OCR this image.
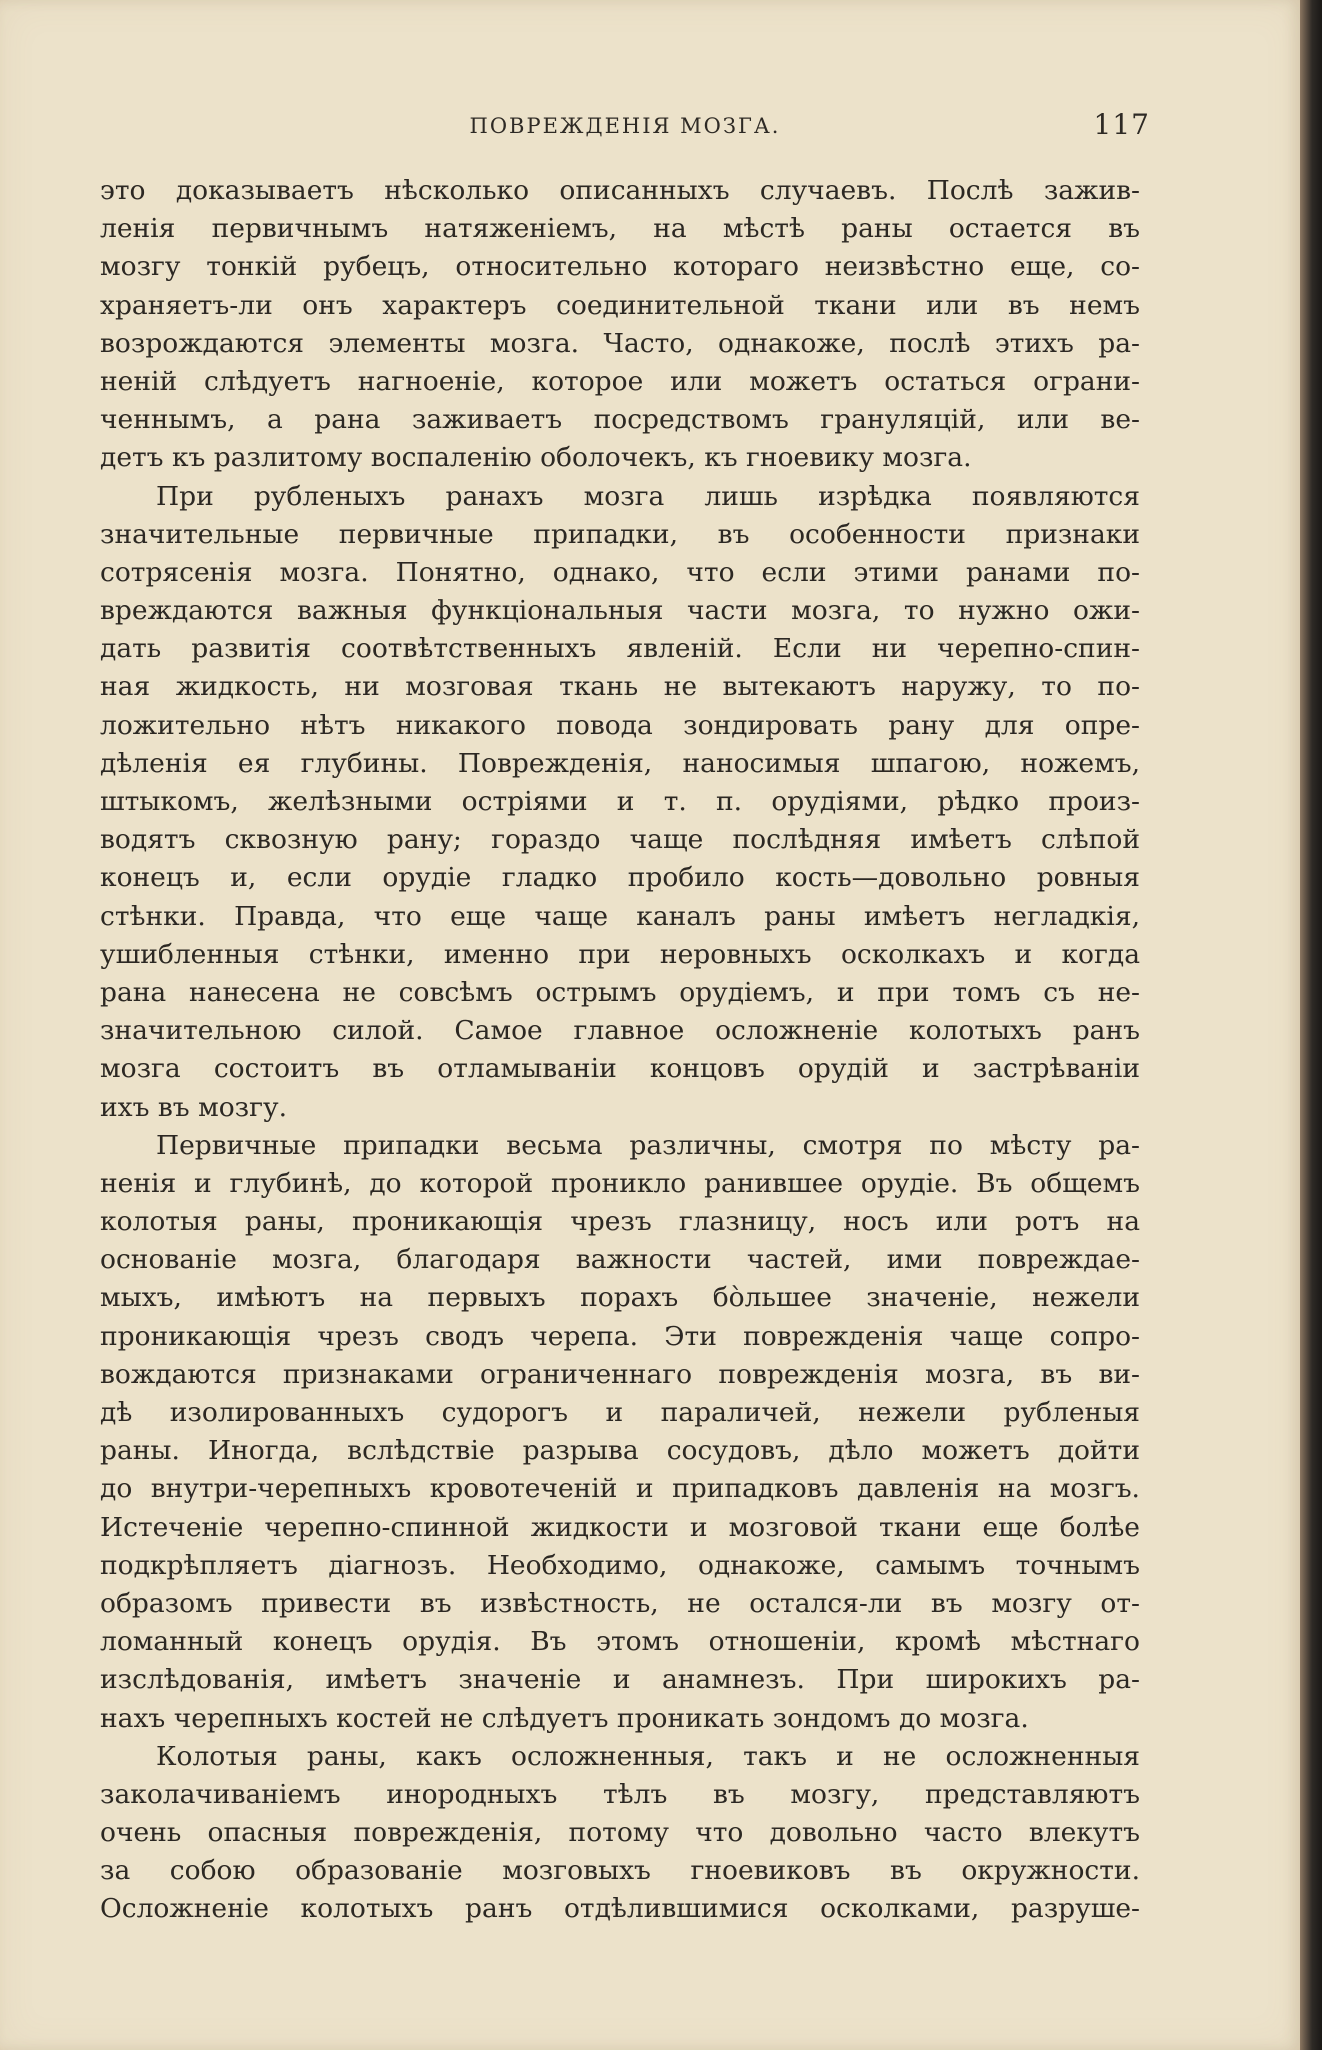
ПОВРЕЖДЕНІЯ МОЗГА.	117
это доказываетъ нѣсколько описанныхъ случаевъ. Послѣ зажив-
ленія первичнымъ натяженіемъ, на мѣстѣ раны остается въ
мозгу тонкій рубецъ, относительно котораго неизвѣстно еще, со-
храняетъ-ли онъ характеръ соединительной ткани или въ немъ
возрождаются элементы мозга. Часто, однакоже, послѣ этихъ ра-
неній слѣдуетъ нагноеніе, которое или можетъ остаться ограни-
ченнымъ, а рана заживаетъ посредствомъ грануляцій, или ве-
детъ къ разлитому воспаленію оболочекъ, къ гноевику мозга.
При рубленыхъ ранахъ мозга лишь изрѣдка появляются
значительные первичные припадки, въ особенности признаки
сотрясенія мозга. Понятно, однако, что если этими ранами по-
вреждаются важныя функціональныя части мозга, то нужно ожи-
дать развитія соотвѣтственныхъ явленій. Если ни черепно-спин-
ная жидкость, ни мозговая ткань не вытекаютъ наружу, то по-
ложительно нѣтъ никакого повода зондировать рану для опре-
дѣленія ея глубины. Поврежденія, наносимыя шпагою, ножемъ,
штыкомъ, желѣзными остріями и т. п. орудіями, рѣдко произ-
водятъ сквозную рану; гораздо чаще послѣдняя имѣетъ слѣпой
конецъ и, если орудіе гладко пробило кость—довольно ровныя
стѣнки. Правда, что еще чаще каналъ раны имѣетъ негладкія,
ушибленныя стѣнки, именно при неровныхъ осколкахъ и когда
рана нанесена не совсѣмъ острымъ орудіемъ, и при томъ съ не-
значительною силой. Самое главное осложненіе колотыхъ ранъ
мозга состоитъ въ отламываніи концовъ орудій и застрѣваніи
ихъ въ мозгу.
Первичные припадки весьма различны, смотря по мѣсту ра-
ненія и глубинѣ, до которой проникло ранившее орудіе. Въ общемъ
колотыя раны, проникающія чрезъ глазницу, носъ или ротъ на
основаніе мозга, благодаря важности частей, ими повреждае-
мыхъ, имѣютъ на первыхъ порахъ бо̀льшее значеніе, нежели
проникающія чрезъ сводъ черепа. Эти поврежденія чаще сопро-
вождаются признаками ограниченнаго поврежденія мозга, въ ви-
дѣ изолированныхъ судорогъ и параличей, нежели рубленыя
раны. Иногда, вслѣдствіе разрыва сосудовъ, дѣло можетъ дойти
до внутри-черепныхъ кровотеченій и припадковъ давленія на мозгъ.
Истеченіе черепно-спинной жидкости и мозговой ткани еще болѣе
подкрѣпляетъ діагнозъ. Необходимо, однакоже, самымъ точнымъ
образомъ привести въ извѣстность, не остался-ли въ мозгу от-
ломанный конецъ орудія. Въ этомъ отношеніи, кромѣ мѣстнаго
изслѣдованія, имѣетъ значеніе и анамнезъ. При широкихъ ра-
нахъ черепныхъ костей не слѣдуетъ проникать зондомъ до мозга.
Колотыя раны, какъ осложненныя, такъ и не осложненныя
заколачиваніемъ инородныхъ тѣлъ въ мозгу, представляютъ
очень опасныя поврежденія, потому что довольно часто влекутъ
за собою образованіе мозговыхъ гноевиковъ въ окружности.
Осложненіе колотыхъ ранъ отдѣлившимися осколками, разруше-
